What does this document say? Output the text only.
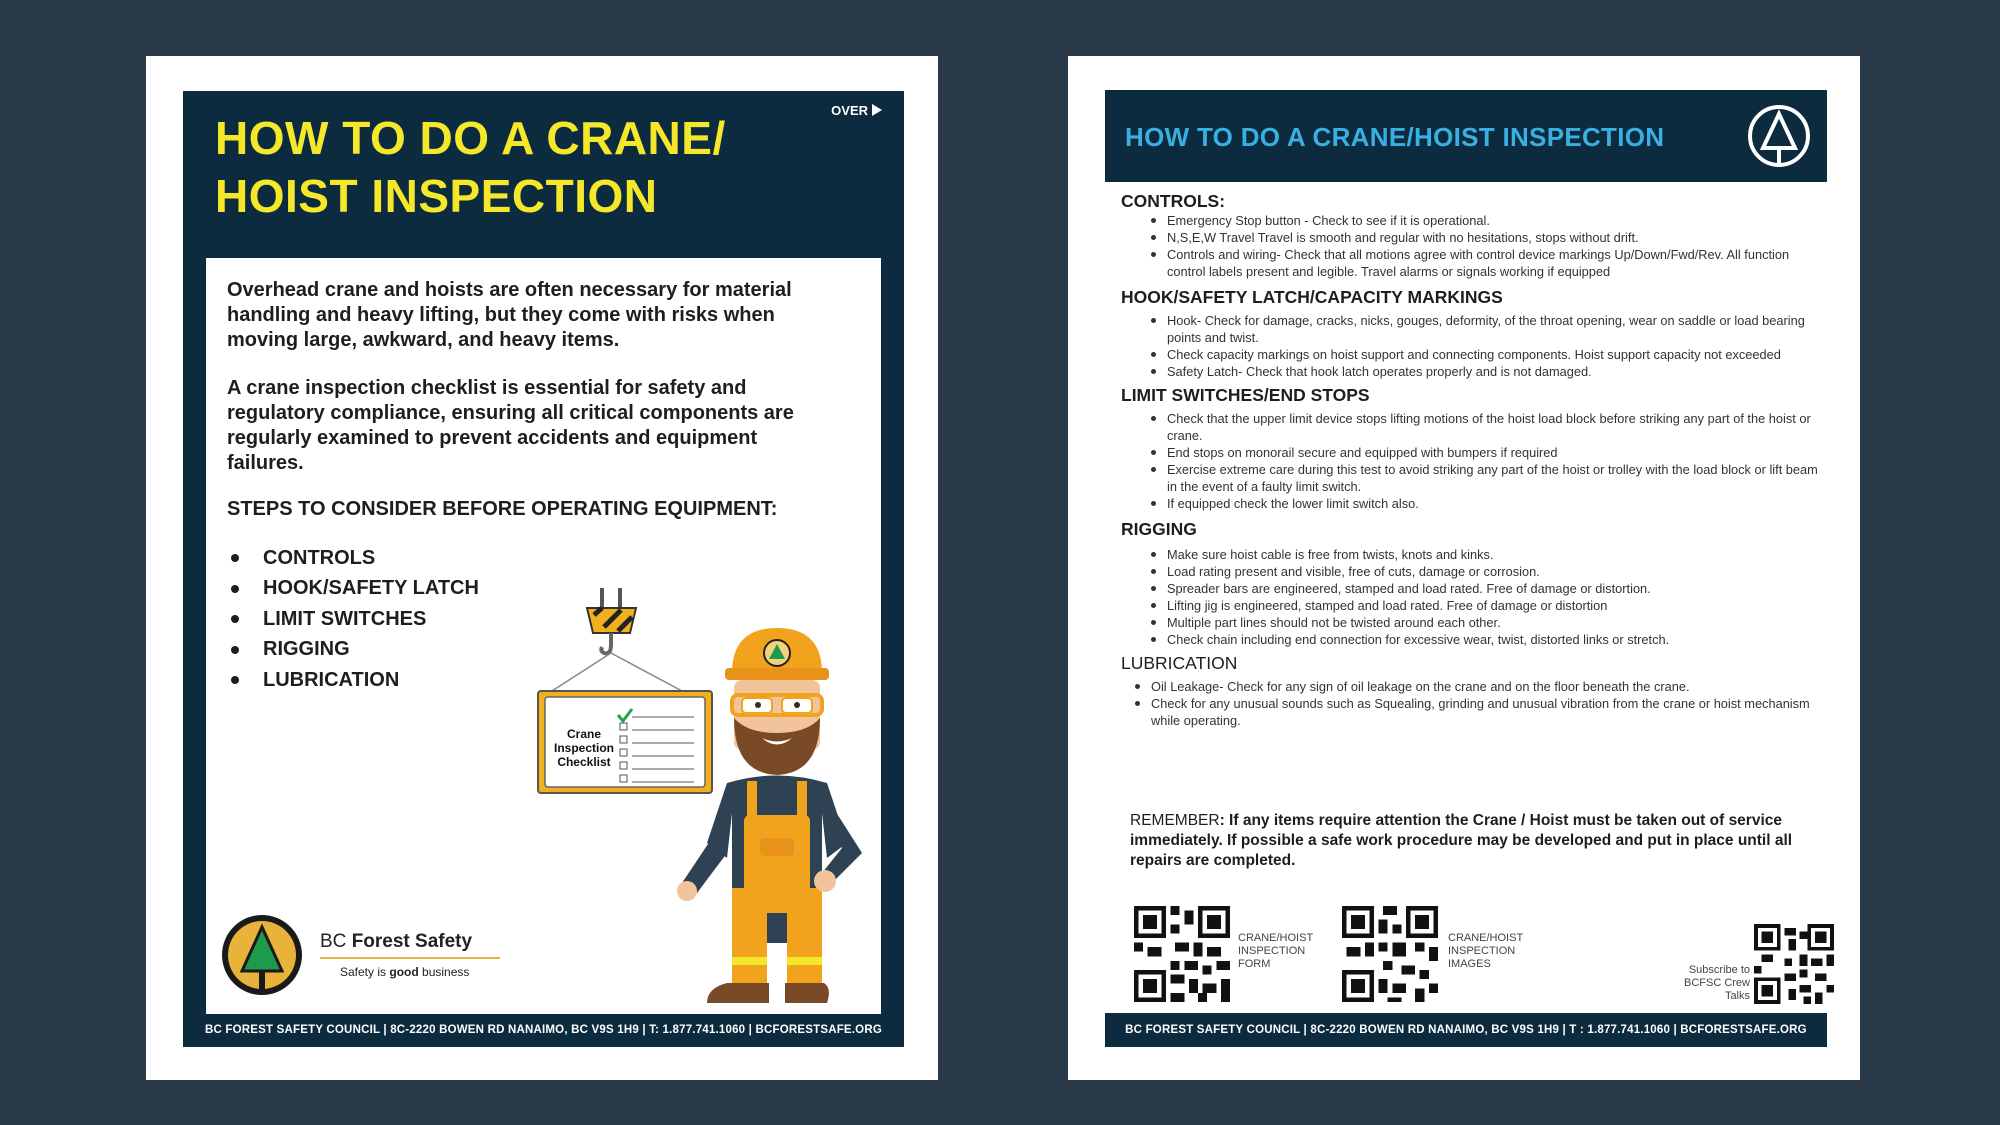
HOW TO DO A CRANE/
HOIST INSPECTION
OVER

Overhead crane and hoists are often necessary for material handling and heavy lifting, but they come with risks when moving large, awkward, and heavy items.

A crane inspection checklist is essential for safety and regulatory compliance, ensuring all critical components are regularly examined to prevent accidents and equipment failures.

STEPS TO CONSIDER BEFORE OPERATING EQUIPMENT:
CONTROLS
HOOK/SAFETY LATCH
LIMIT SWITCHES
RIGGING
LUBRICATION
Crane
Inspection
Checklist
BC Forest Safety
Safety is good business
BC FOREST SAFETY COUNCIL | 8C-2220 BOWEN RD NANAIMO, BC V9S 1H9 | T: 1.877.741.1060 | BCFORESTSAFE.ORG
HOW TO DO A CRANE/HOIST INSPECTION
CONTROLS:
Emergency Stop button - Check to see if it is operational.
N,S,E,W Travel Travel is smooth and regular with no hesitations, stops without drift.
Controls and wiring- Check that all motions agree with control device markings Up/Down/Fwd/Rev. All function control labels present and legible. Travel alarms or signals working if equipped
HOOK/SAFETY LATCH/CAPACITY MARKINGS
Hook- Check for damage, cracks, nicks, gouges, deformity, of the throat opening, wear on saddle or load bearing points and twist.
Check capacity markings on hoist support and connecting components. Hoist support capacity not exceeded
Safety Latch- Check that hook latch operates properly and is not damaged.
LIMIT SWITCHES/END STOPS
Check that the upper limit device stops lifting motions of the hoist load block before striking any part of the hoist or crane.
End stops on monorail secure and equipped with bumpers if required
Exercise extreme care during this test to avoid striking any part of the hoist or trolley with the load block or lift beam in the event of a faulty limit switch.
If equipped check the lower limit switch also.
RIGGING
Make sure hoist cable is free from twists, knots and kinks.
Load rating present and visible, free of cuts, damage or corrosion.
Spreader bars are engineered, stamped and load rated. Free of damage or distortion.
Lifting jig is engineered, stamped and load rated. Free of damage or distortion
Multiple part lines should not be twisted around each other.
Check chain including end connection for excessive wear, twist, distorted links or stretch.
LUBRICATION
Oil Leakage- Check for any sign of oil leakage on the crane and on the floor beneath the crane.
Check for any unusual sounds such as Squealing, grinding and unusual vibration from the crane or hoist mechanism while operating.
REMEMBER: If any items require attention the Crane / Hoist must be taken out of service immediately. If possible a safe work procedure may be developed and put in place until all repairs are completed.
CRANE/HOIST INSPECTION FORM
CRANE/HOIST INSPECTION IMAGES	Subscribe to BCFSC Crew Talks
BC FOREST SAFETY COUNCIL | 8C-2220 BOWEN RD NANAIMO, BC V9S 1H9 | T : 1.877.741.1060 | BCFORESTSAFE.ORG
